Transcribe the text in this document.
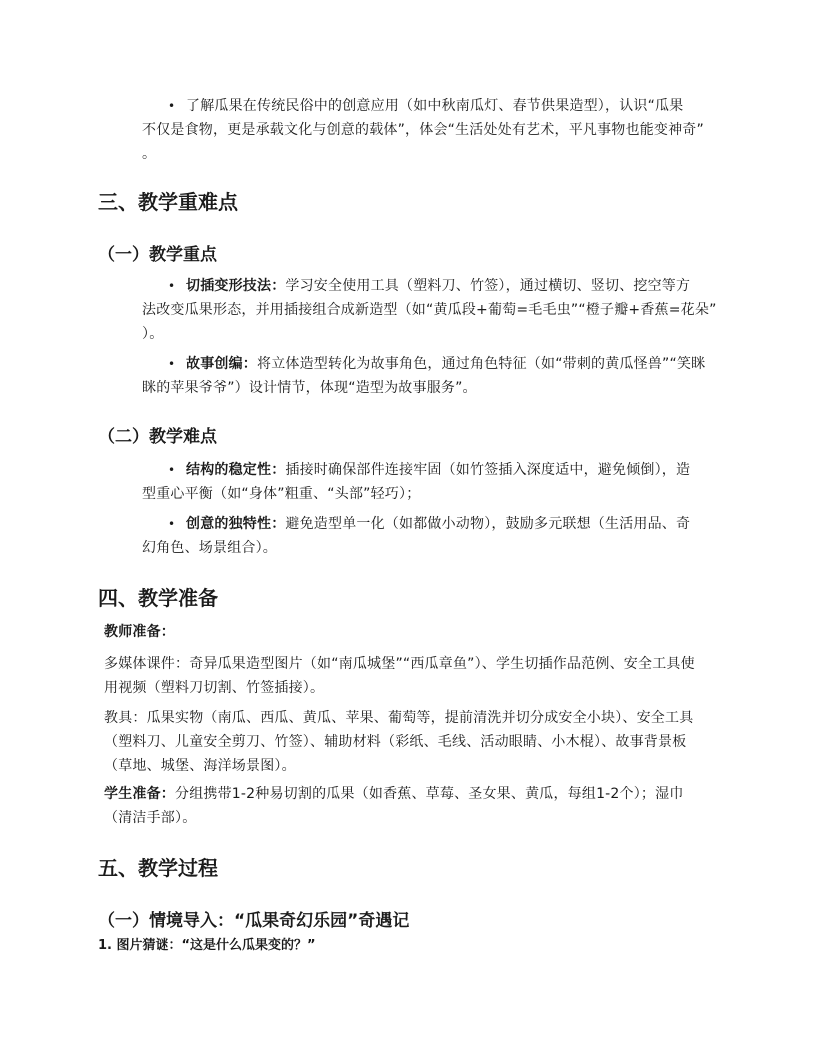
• 了解瓜果在传统民俗中的创意应用（如中秋南瓜灯、春节供果造型），认识“瓜果

不仅是食物，更是承载文化与创意的载体”，体会“生活处处有艺术，平凡事物也能变神奇”

。

三、教学重难点
（一）教学重点

• 切插变形技法：学习安全使用工具（塑料刀、竹签），通过横切、竖切、挖空等方

法改变瓜果形态，并用插接组合成新造型（如“黄瓜段+葡萄=毛毛虫”“橙子瓣+香蕉=花朵”

）。

• 故事创编：将立体造型转化为故事角色，通过角色特征（如“带刺的黄瓜怪兽”“笑眯

眯的苹果爷爷”）设计情节，体现“造型为故事服务”。

（二）教学难点

• 结构的稳定性：插接时确保部件连接牢固（如竹签插入深度适中，避免倾倒），造

型重心平衡（如“身体”粗重、“头部”轻巧）；

• 创意的独特性：避免造型单一化（如都做小动物），鼓励多元联想（生活用品、奇

幻角色、场景组合）。

四、教学准备

教师准备：

多媒体课件：奇异瓜果造型图片（如“南瓜城堡”“西瓜章鱼”）、学生切插作品范例、安全工具使

用视频（塑料刀切割、竹签插接）。

教具：瓜果实物（南瓜、西瓜、黄瓜、苹果、葡萄等，提前清洗并切分成安全小块）、安全工具

（塑料刀、儿童安全剪刀、竹签）、辅助材料（彩纸、毛线、活动眼睛、小木棍）、故事背景板

（草地、城堡、海洋场景图）。

学生准备：分组携带1-2种易切割的瓜果（如香蕉、草莓、圣女果、黄瓜，每组1-2个）；湿巾

（清洁手部）。

五、教学过程
（一）情境导入：“瓜果奇幻乐园”奇遇记

1. 图片猜谜：“这是什么瓜果变的？”
